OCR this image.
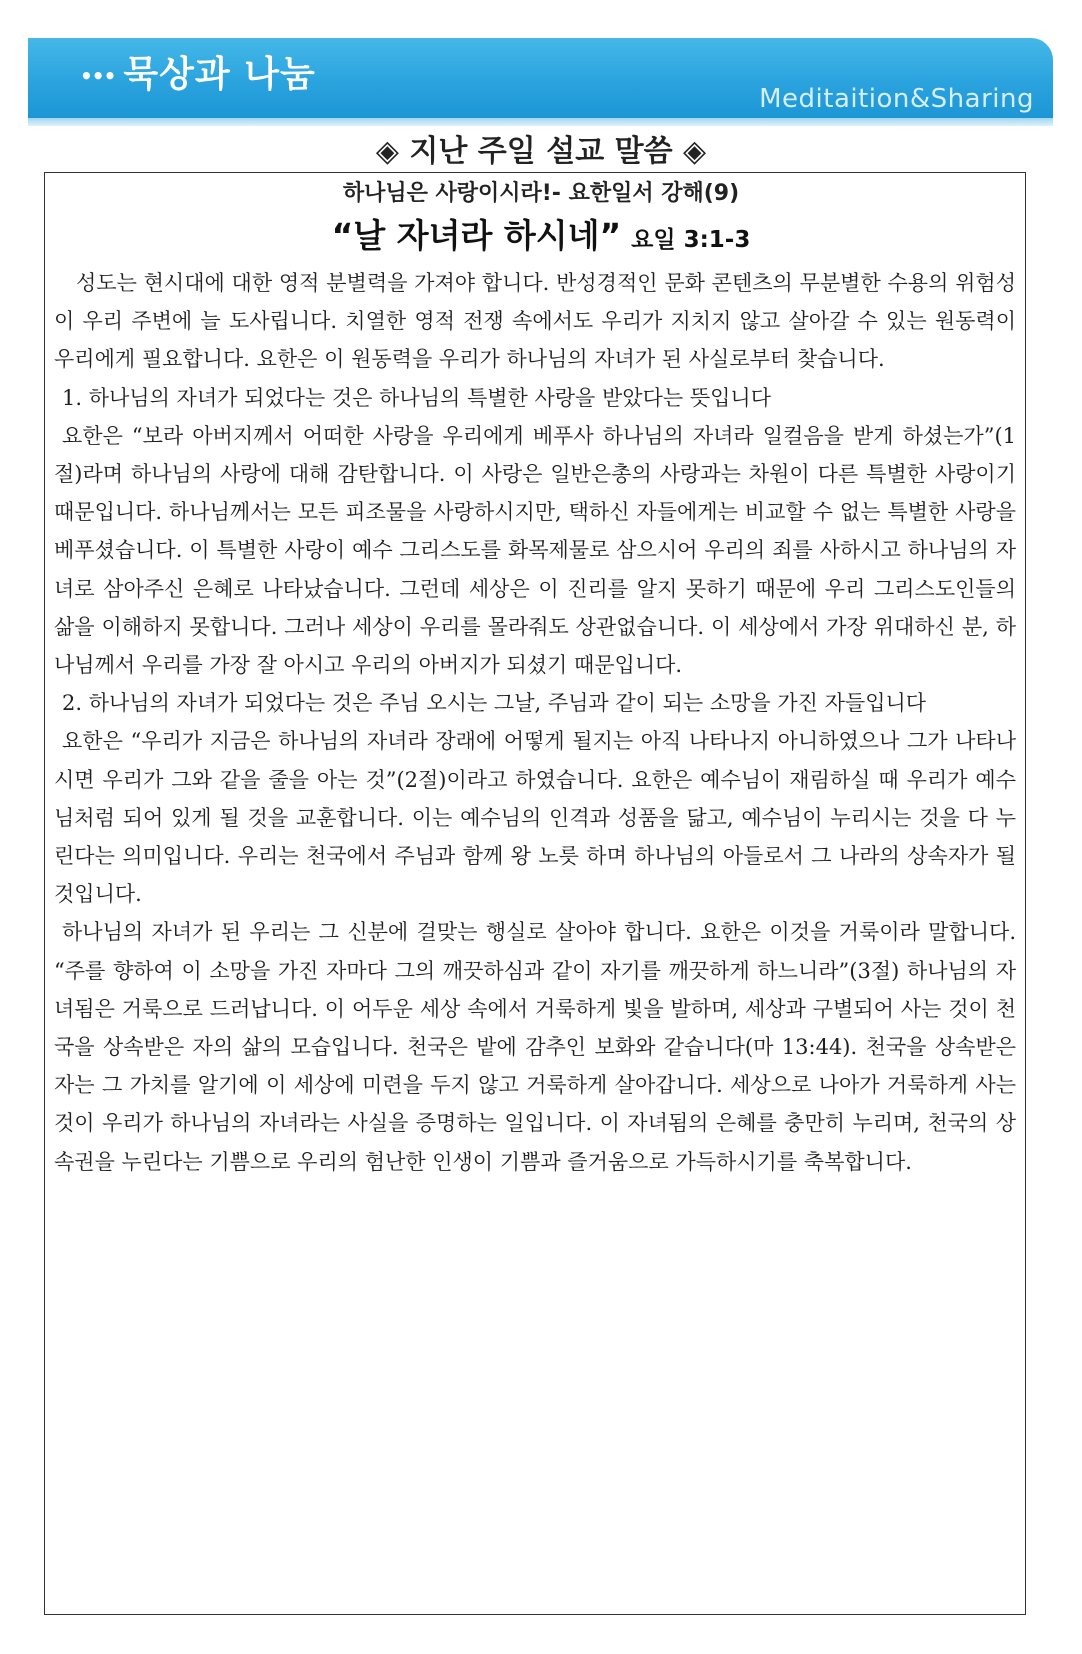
••• 묵상과 나눔
Meditaition&Sharing
◈ 지난 주일 설교 말씀 ◈
하나님은 사랑이시라!- 요한일서 강해(9)
“날 자녀라 하시네” 요일 3:1-3

성도는 현시대에 대한 영적 분별력을 가져야 합니다. 반성경적인 문화 콘텐츠의 무분별한 수용의 위험성이 우리 주변에 늘 도사립니다. 치열한 영적 전쟁 속에서도 우리가 지치지 않고 살아갈 수 있는 원동력이 우리에게 필요합니다. 요한은 이 원동력을 우리가 하나님의 자녀가 된 사실로부터 찾습니다.

1. 하나님의 자녀가 되었다는 것은 하나님의 특별한 사랑을 받았다는 뜻입니다

요한은 “보라 아버지께서 어떠한 사랑을 우리에게 베푸사 하나님의 자녀라 일컬음을 받게 하셨는가”(1절)라며 하나님의 사랑에 대해 감탄합니다. 이 사랑은 일반은총의 사랑과는 차원이 다른 특별한 사랑이기 때문입니다. 하나님께서는 모든 피조물을 사랑하시지만, 택하신 자들에게는 비교할 수 없는 특별한 사랑을 베푸셨습니다. 이 특별한 사랑이 예수 그리스도를 화목제물로 삼으시어 우리의 죄를 사하시고 하나님의 자녀로 삼아주신 은혜로 나타났습니다. 그런데 세상은 이 진리를 알지 못하기 때문에 우리 그리스도인들의 삶을 이해하지 못합니다. 그러나 세상이 우리를 몰라줘도 상관없습니다. 이 세상에서 가장 위대하신 분, 하나님께서 우리를 가장 잘 아시고 우리의 아버지가 되셨기 때문입니다.

2. 하나님의 자녀가 되었다는 것은 주님 오시는 그날, 주님과 같이 되는 소망을 가진 자들입니다

요한은 “우리가 지금은 하나님의 자녀라 장래에 어떻게 될지는 아직 나타나지 아니하였으나 그가 나타나시면 우리가 그와 같을 줄을 아는 것”(2절)이라고 하였습니다. 요한은 예수님이 재림하실 때 우리가 예수님처럼 되어 있게 될 것을 교훈합니다. 이는 예수님의 인격과 성품을 닮고, 예수님이 누리시는 것을 다 누린다는 의미입니다. 우리는 천국에서 주님과 함께 왕 노릇 하며 하나님의 아들로서 그 나라의 상속자가 될 것입니다.

하나님의 자녀가 된 우리는 그 신분에 걸맞는 행실로 살아야 합니다. 요한은 이것을 거룩이라 말합니다. “주를 향하여 이 소망을 가진 자마다 그의 깨끗하심과 같이 자기를 깨끗하게 하느니라”(3절) 하나님의 자녀됨은 거룩으로 드러납니다. 이 어두운 세상 속에서 거룩하게 빛을 발하며, 세상과 구별되어 사는 것이 천국을 상속받은 자의 삶의 모습입니다. 천국은 밭에 감추인 보화와 같습니다(마 13:44). 천국을 상속받은 자는 그 가치를 알기에 이 세상에 미련을 두지 않고 거룩하게 살아갑니다. 세상으로 나아가 거룩하게 사는 것이 우리가 하나님의 자녀라는 사실을 증명하는 일입니다. 이 자녀됨의 은혜를 충만히 누리며, 천국의 상속권을 누린다는 기쁨으로 우리의 험난한 인생이 기쁨과 즐거움으로 가득하시기를 축복합니다.
